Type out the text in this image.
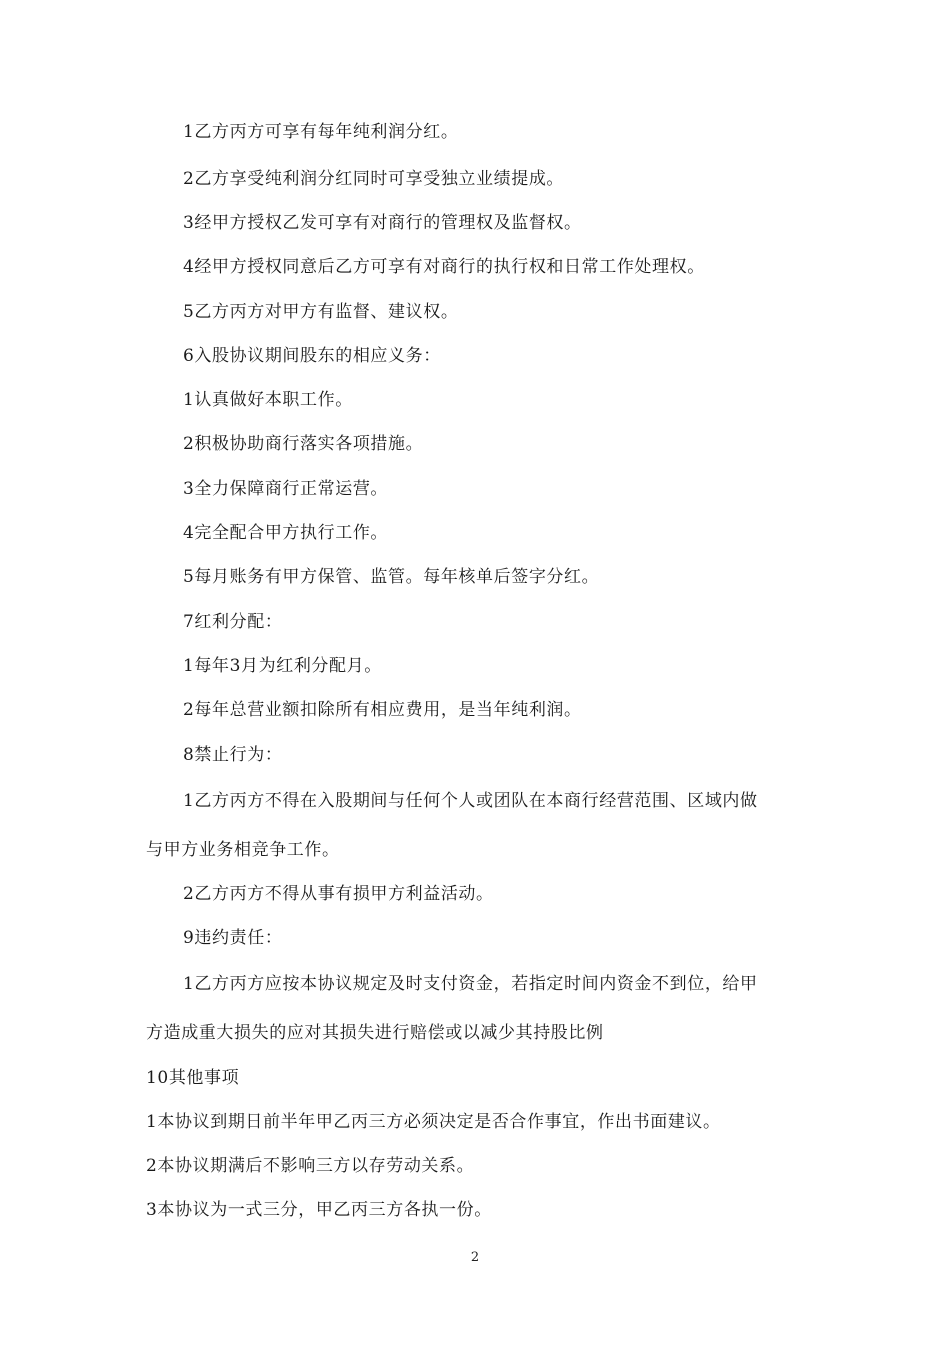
1乙方丙方可享有每年纯利润分红。
2乙方享受纯利润分红同时可享受独立业绩提成。
3经甲方授权乙发可享有对商行的管理权及监督权。
4经甲方授权同意后乙方可享有对商行的执行权和日常工作处理权。
5乙方丙方对甲方有监督、建议权。
6入股协议期间股东的相应义务：
1认真做好本职工作。
2积极协助商行落实各项措施。
3全力保障商行正常运营。
4完全配合甲方执行工作。
5每月账务有甲方保管、监管。每年核单后签字分红。
7红利分配：
1每年3月为红利分配月。
2每年总营业额扣除所有相应费用，是当年纯利润。
8禁止行为：
1乙方丙方不得在入股期间与任何个人或团队在本商行经营范围、区域内做
与甲方业务相竞争工作。
2乙方丙方不得从事有损甲方利益活动。
9违约责任：
1乙方丙方应按本协议规定及时支付资金，若指定时间内资金不到位，给甲
方造成重大损失的应对其损失进行赔偿或以减少其持股比例
10其他事项
1本协议到期日前半年甲乙丙三方必须决定是否合作事宜，作出书面建议。
2本协议期满后不影响三方以存劳动关系。
3本协议为一式三分，甲乙丙三方各执一份。
2
